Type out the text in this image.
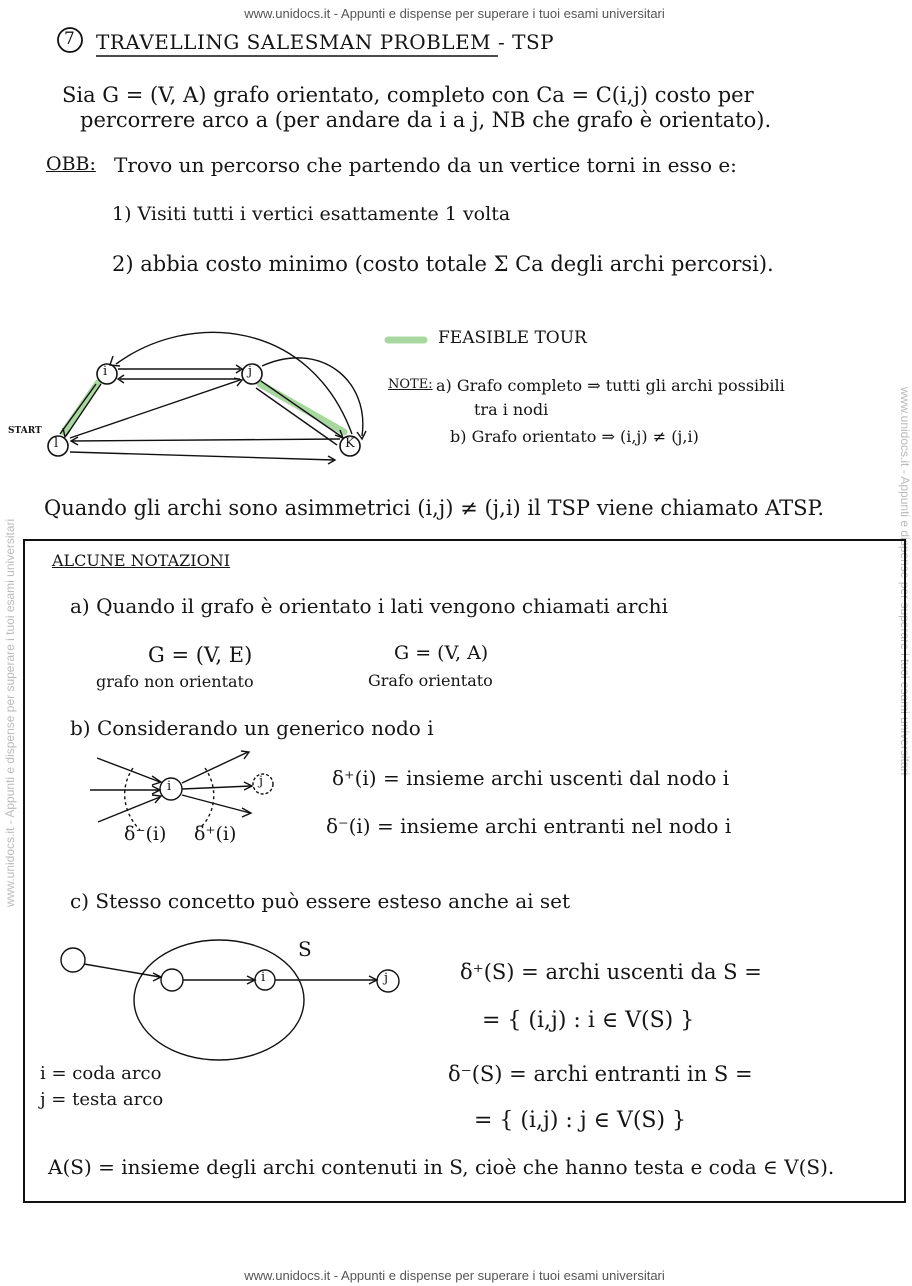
www.unidocs.it - Appunti e dispense per superare i tuoi esami universitari
www.unidocs.it - Appunti e dispense per superare i tuoi esami universitari
www.unidocs.it - Appunti e dispense per superare i tuoi esami universitari	www.unidocs.it - Appunti e dispense per superare i tuoi esami universitari
7 TRAVELLING SALESMAN PROBLEM - TSP
Sia G = (V, A) grafo orientato, completo con Ca = C(i,j) costo per
percorrere arco a (per andare da i a j, NB che grafo è orientato).
OBB: Trovo un percorso che partendo da un vertice torni in esso e:
1) Visiti tutti i vertici esattamente 1 volta
2) abbia costo minimo (costo totale Σ Ca degli archi percorsi).
i	j
l	K
START
FEASIBLE TOUR
NOTE: a) Grafo completo ⇒ tutti gli archi possibili
tra i nodi
b) Grafo orientato ⇒ (i,j) ≠ (j,i)
Quando gli archi sono asimmetrici (i,j) ≠ (j,i) il TSP viene chiamato ATSP.
ALCUNE NOTAZIONI
a) Quando il grafo è orientato i lati vengono chiamati archi
G = (V, E)
grafo non orientato
G = (V, A)
Grafo orientato
b) Considerando un generico nodo i
i	j
δ⁻(i) δ⁺(i)
δ⁺(i) = insieme archi uscenti dal nodo i
δ⁻(i) = insieme archi entranti nel nodo i
c) Stesso concetto può essere esteso anche ai set
S
i	j	δ⁺(S) = archi uscenti da S =
= { (i,j) : i ∈ V(S) }
δ⁻(S) = archi entranti in S =
= { (i,j) : j ∈ V(S) }
i = coda arco
j = testa arco
A(S) = insieme degli archi contenuti in S, cioè che hanno testa e coda ∈ V(S).
